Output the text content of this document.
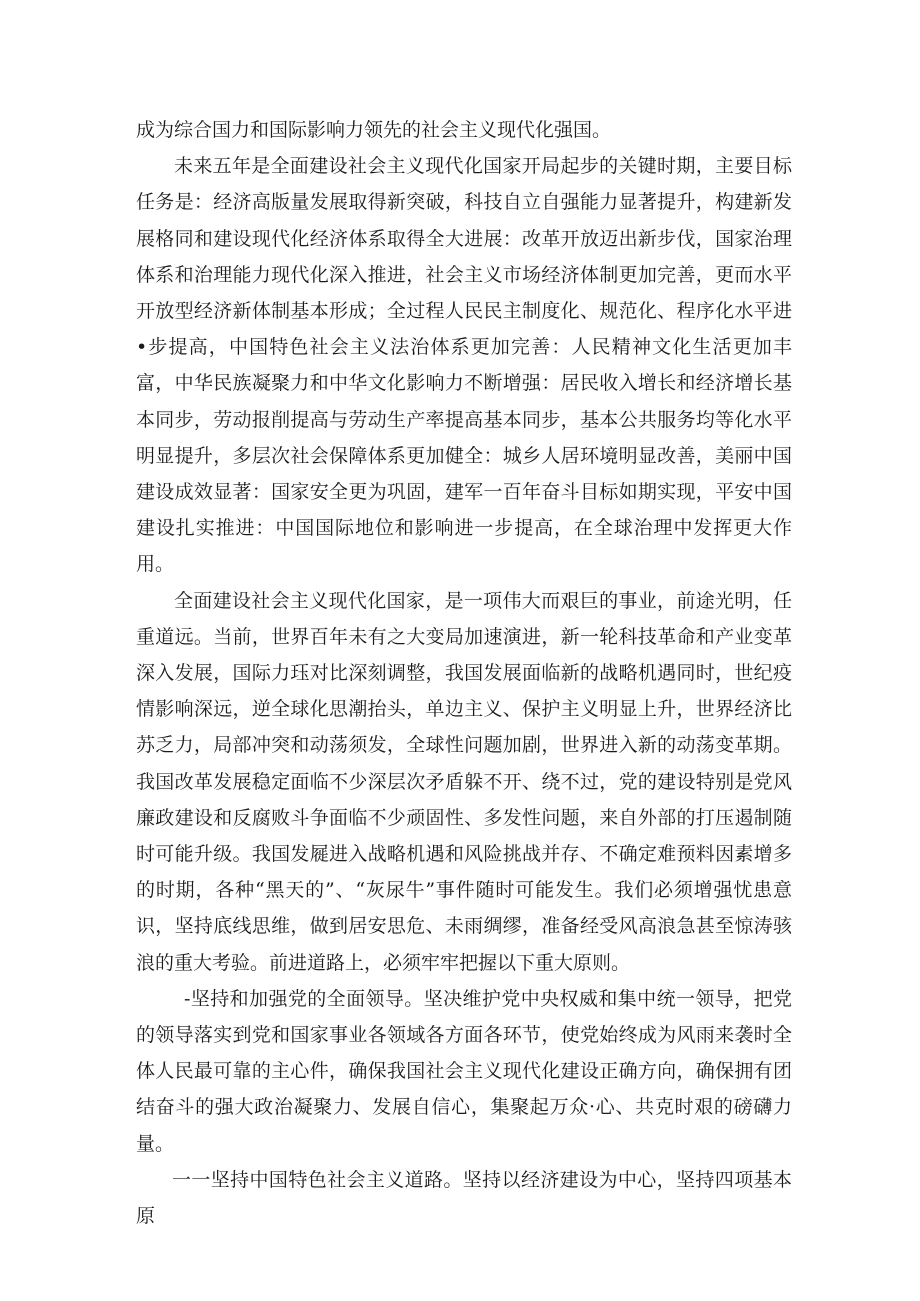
成为综合国力和国际影响力领先的社会主义现代化强国。

未来五年是全面建设社会主义现代化国家开局起步的关键时期，主要目标任务是：经济高版量发展取得新突破，科技自立自强能力显著提升，构建新发展格同和建设现代化经济体系取得全大进展：改革开放迈出新步伐，国家治理体系和治理能力现代化深入推进，社会主义市场经济体制更加完善，更而水平开放型经济新体制基本形成；全过程人民民主制度化、规范化、程序化水平进•步提高，中国特色社会主义法治体系更加完善：人民精神文化生活更加丰富，中华民族凝聚力和中华文化影响力不断增强：居民收入增长和经济增长基本同步，劳动报削提高与劳动生产率提高基本同步，基本公共服务均等化水平明显提升，多层次社会保障体系更加健全：城乡人居环境明显改善，美丽中国建设成效显著：国家安全更为巩固，建军一百年奋斗目标如期实现，平安中国建设扎实推进：中国国际地位和影响进一步提高，在全球治理中发挥更大作用。

全面建设社会主义现代化国家，是一项伟大而艰巨的事业，前途光明，任重道远。当前，世界百年未有之大变局加速演进，新一轮科技革命和产业变革深入发展，国际力珏对比深刻调整，我国发展面临新的战略机遇同时，世纪疫情影响深远，逆全球化思潮抬头，单边主义、保护主义明显上升，世界经济比苏乏力，局部冲突和动荡须发，全球性问题加剧，世界进入新的动荡变革期。我国改革发展稳定面临不少深层次矛盾躲不开、绕不过，党的建设特别是党风廉政建设和反腐败斗争面临不少顽固性、多发性问题，来自外部的打压遏制随时可能升级。我国发屣进入战略机遇和风险挑战并存、不确定难预料因素增多的时期，各种“黑天的”、“灰尿牛”事件随时可能发生。我们必须增强忧患意识，坚持底线思维，做到居安思危、未雨绸缪，准备经受风高浪急甚至惊涛骇浪的重大考验。前进道路上，必须牢牢把握以下重大原则。

-坚持和加强党的全面领导。坚决维护党中央权威和集中统一领导，把党的领导落实到党和国家事业各领域各方面各环节，使党始终成为风雨来袭时全体人民最可靠的主心件，确保我国社会主义现代化建设正确方向，确保拥有团结奋斗的强大政治凝聚力、发展自信心，集聚起万众·心、共克时艰的磅礴力量。

一一坚持中国特色社会主义道路。坚持以经济建设为中心，坚持四项基本原
